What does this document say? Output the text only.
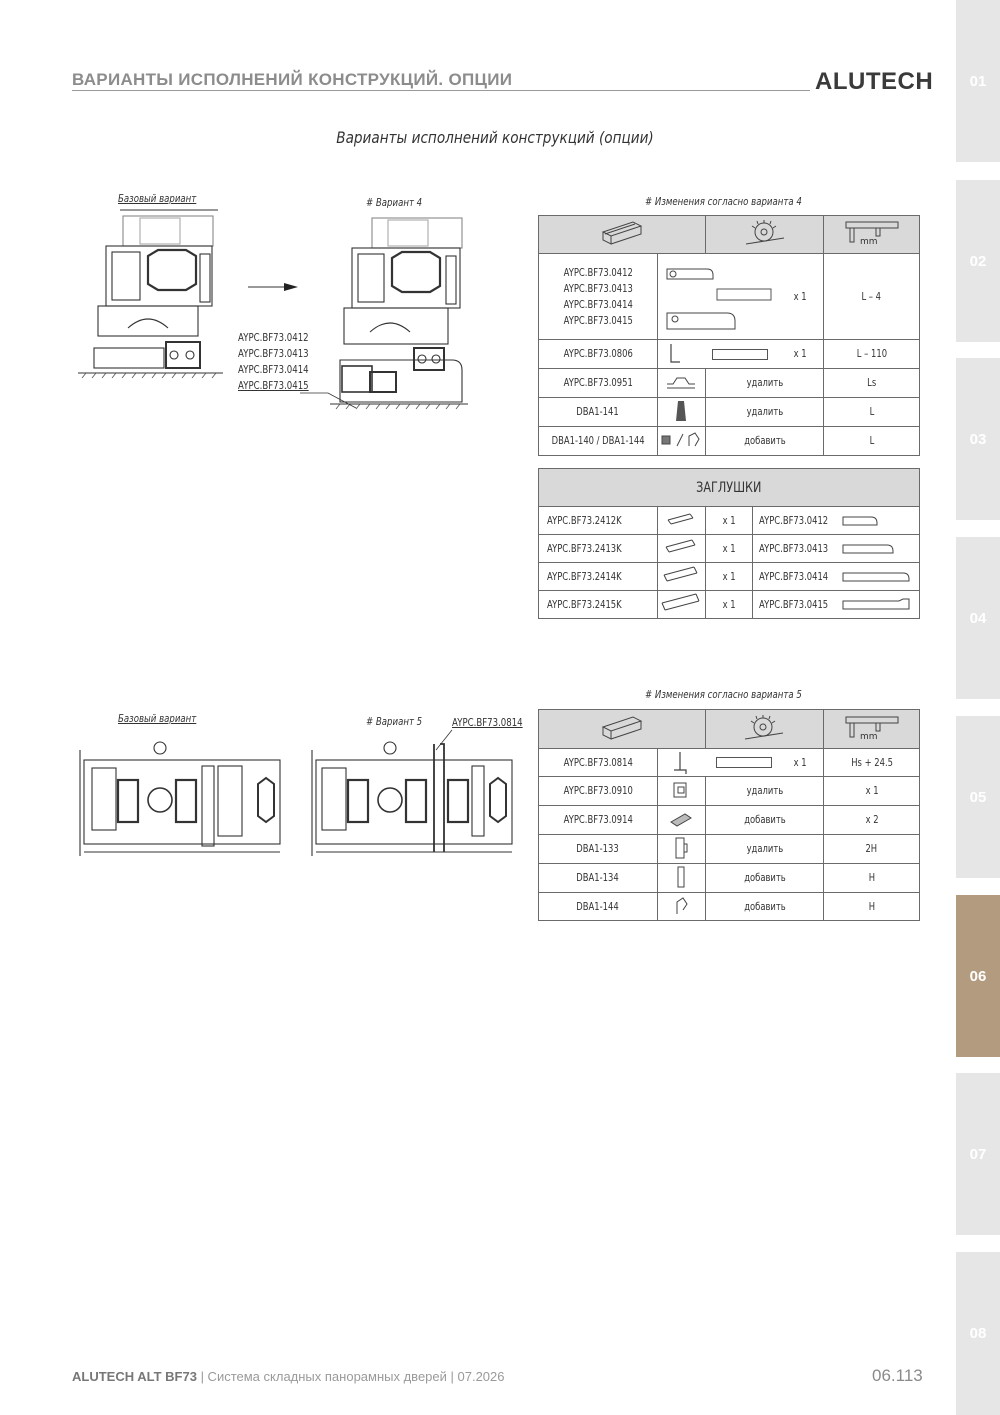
ВАРИАНТЫ ИСПОЛНЕНИЙ КОНСТРУКЦИЙ. ОПЦИИ	ALUTECH
Варианты исполнений конструкций (опции)
01
02
03
04
05
06
07
08
Базовый вариант	# Вариант 4
AYPC.BF73.0412
AYPC.BF73.0413
AYPC.BF73.0414
AYPC.BF73.0415
# Изменения согласно варианта 4

mm

AYPC.BF73.0412
AYPC.BF73.0413
AYPC.BF73.0414
AYPC.BF73.0415			x 1	L – 4
AYPC.BF73.0806			x 1	L – 110
AYPC.BF73.0951		удалить		Ls
DBA1-141		удалить		L
DBA1-140 / DBA1-144		добавить		L
ЗАГЛУШКИ			
AYPC.BF73.2412K		x 1	AYPC.BF73.0412

AYPC.BF73.2413K		x 1	AYPC.BF73.0413

AYPC.BF73.2414K		x 1	AYPC.BF73.0414

AYPC.BF73.2415K		x 1	AYPC.BF73.0415
Базовый вариант	# Вариант 5	AYPC.BF73.0814
# Изменения согласно варианта 5

mm

AYPC.BF73.0814			x 1	Hs + 24.5
AYPC.BF73.0910		удалить		x 1
AYPC.BF73.0914		добавить		x 2
DBA1-133		удалить		2H
DBA1-134		добавить		H
DBA1-144		добавить		H
ALUTECH ALT BF73 | Система складных панорамных дверей | 07.2026	06.113
